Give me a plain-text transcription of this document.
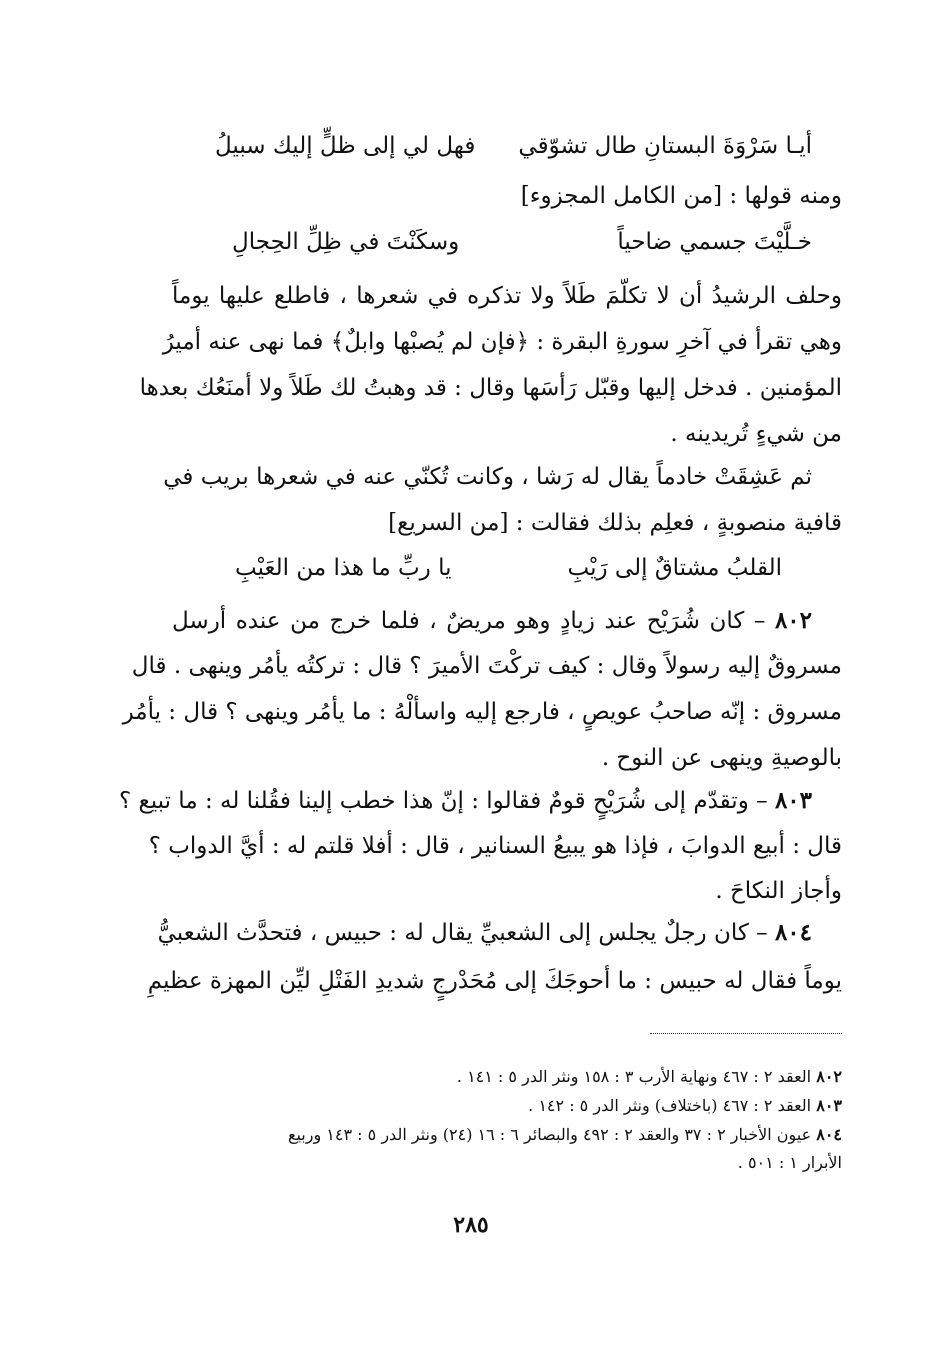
أيـا سَرْوَةَ البستانِ طال تشوّقي
فهل لي إلى ظلٍّ إليك سبيلُ
ومنه قولها : [من الكامل المجزوء]
خـلَّيْتَ جسمي ضاحياً
وسكَنْتَ في ظِلِّ الحِجالِ
وحلف الرشيدُ أن لا تكلّمَ طَلاً ولا تذكره في شعرها ، فاطلع عليها يوماً
وهي تقرأ في آخرِ سورةِ البقرة : ﴿فإن لم يُصبْها وابلٌ﴾ فما نهى عنه أميرُ
المؤمنين . فدخل إليها وقبّل رَأسَها وقال : قد وهبتُ لك طَلاً ولا أمنَعُك بعدها
من شيءٍ تُريدينه .
ثم عَشِقَتْ خادماً يقال له رَشا ، وكانت تُكنّي عنه في شعرها بريب في
قافية منصوبةٍ ، فعلِم بذلك فقالت : [من السريع]
القلبُ مشتاقٌ إلى رَيْبِ
يا ربِّ ما هذا من العَيْبِ
٨٠٢ – كان شُرَيْح عند زيادٍ وهو مريضٌ ، فلما خرج من عنده أرسل
مسروقٌ إليه رسولاً وقال : كيف تركْتَ الأميرَ ؟ قال : تركتُه يأمُر وينهى . قال
مسروق : إنّه صاحبُ عويصٍ ، فارجع إليه واسألْهُ : ما يأمُر وينهى ؟ قال : يأمُر
بالوصيةِ وينهى عن النوح .
٨٠٣ – وتقدّم إلى شُرَيْحٍ قومٌ فقالوا : إنّ هذا خطب إلينا فقُلنا له : ما تبيع ؟
قال : أبيع الدوابَ ، فإذا هو يبيعُ السنانير ، قال : أفلا قلتم له : أيَّ الدواب ؟
وأجاز النكاحَ .
٨٠٤ – كان رجلٌ يجلس إلى الشعبيِّ يقال له : حبيس ، فتحدَّث الشعبيُّ
يوماً فقال له حبيس : ما أحوجَكَ إلى مُحَدْرجٍ شديدِ الفَتْلِ ليِّن المهزة عظيمِ
٨٠٢ العقد ٢ : ٤٦٧ ونهاية الأرب ٣ : ١٥٨ ونثر الدر ٥ : ١٤١ .
٨٠٣ العقد ٢ : ٤٦٧ (باختلاف) ونثر الدر ٥ : ١٤٢ .
٨٠٤ عيون الأخبار ٢ : ٣٧ والعقد ٢ : ٤٩٢ والبصائر ٦ : ١٦ (٢٤) ونثر الدر ٥ : ١٤٣ وربيع
الأبرار ١ : ٥٠١ .
٢٨٥
